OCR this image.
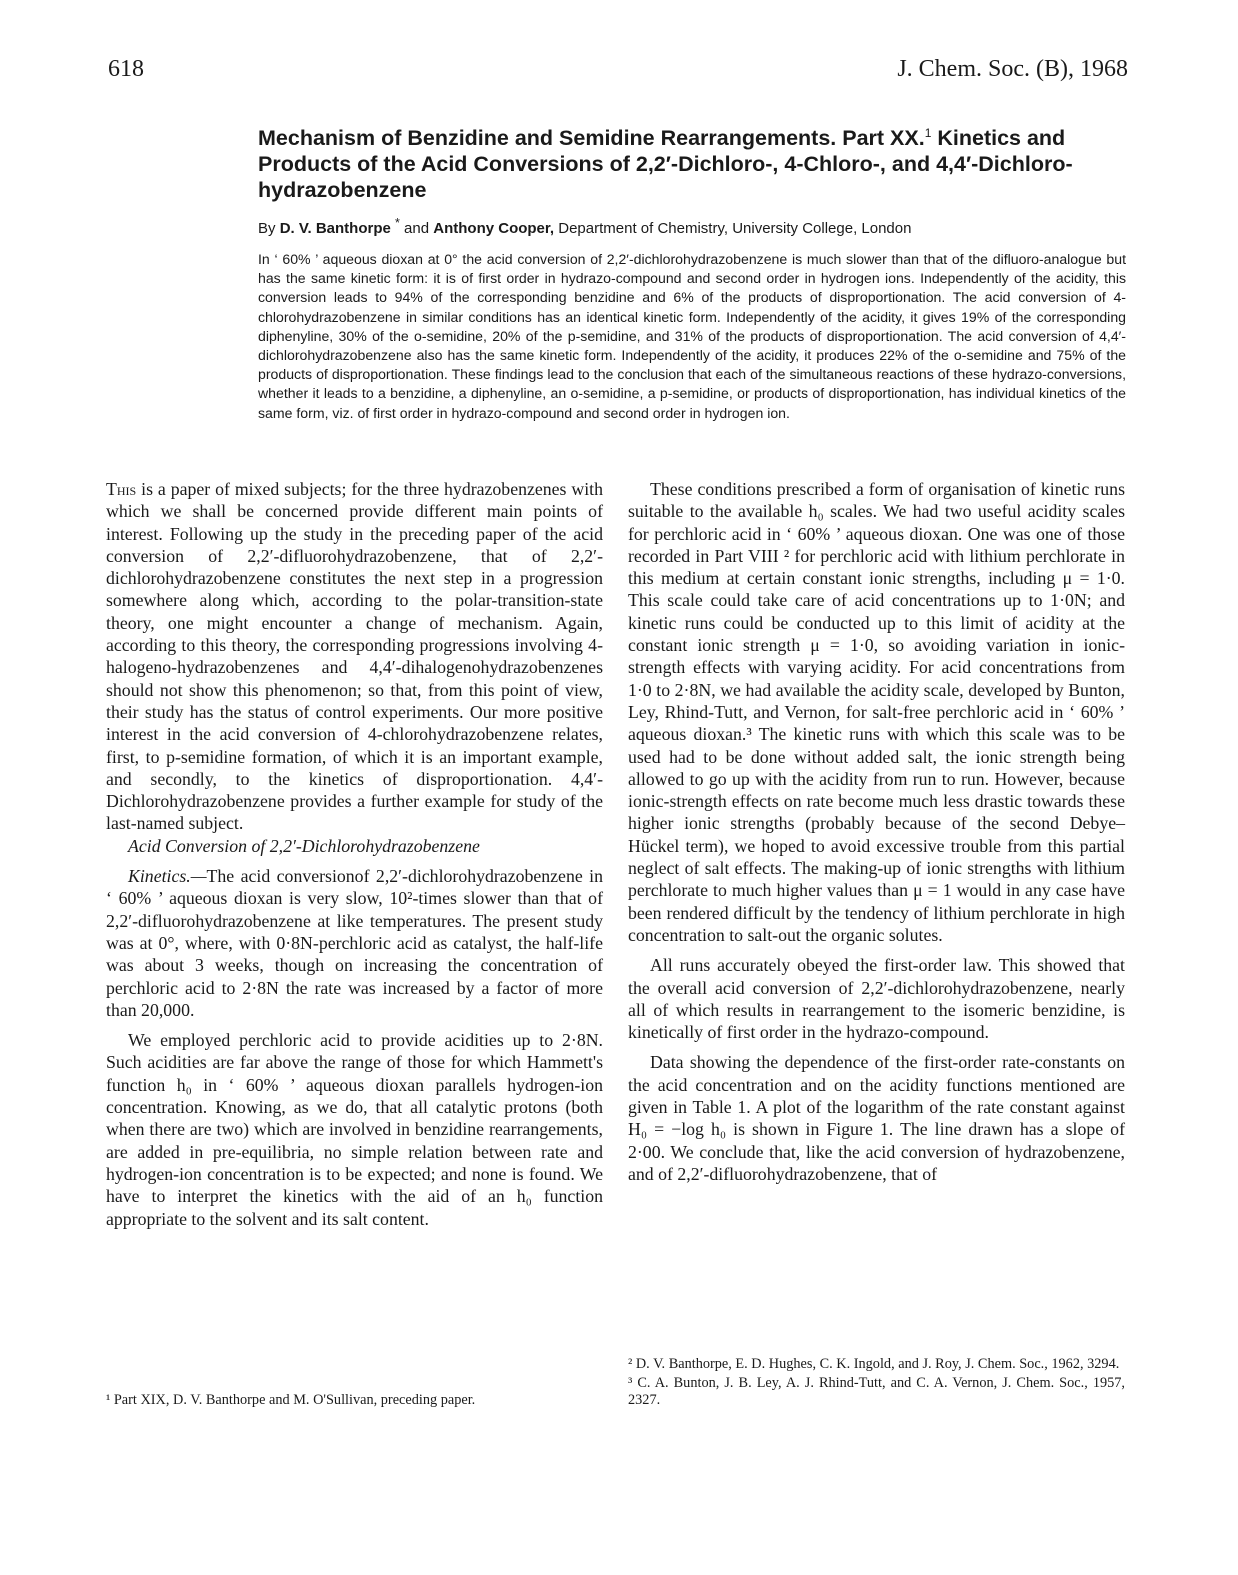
618	J. Chem. Soc. (B), 1968
Mechanism of Benzidine and Semidine Rearrangements. Part XX.$^1$ Kinetics and Products of the Acid Conversions of 2,2′-Dichloro-, 4-Chloro-, and 4,4′-Dichloro-hydrazobenzene
By D. V. Banthorpe * and Anthony Cooper, Department of Chemistry, University College, London

In ‘ 60% ’ aqueous dioxan at 0° the acid conversion of 2,2′-dichlorohydrazobenzene is much slower than that of the difluoro-analogue but has the same kinetic form: it is of first order in hydrazo-compound and second order in hydrogen ions. Independently of the acidity, this conversion leads to 94% of the corresponding benzidine and 6% of the products of disproportionation. The acid conversion of 4-chlorohydrazobenzene in similar conditions has an identical kinetic form. Independently of the acidity, it gives 19% of the corresponding diphenyline, 30% of the o-semidine, 20% of the p-semidine, and 31% of the products of disproportionation. The acid conversion of 4,4′-dichlorohydrazobenzene also has the same kinetic form. Independently of the acidity, it produces 22% of the o-semidine and 75% of the products of disproportionation. These findings lead to the conclusion that each of the simultaneous reactions of these hydrazo-conversions, whether it leads to a benzidine, a diphenyline, an o-semidine, a p-semidine, or products of disproportionation, has individual kinetics of the same form, viz. of first order in hydrazo-compound and second order in hydrogen ion.

This is a paper of mixed subjects; for the three hydrazobenzenes with which we shall be concerned provide different main points of interest. Following up the study in the preceding paper of the acid conversion of 2,2′-difluorohydrazobenzene, that of 2,2′-dichlorohydrazobenzene constitutes the next step in a progression somewhere along which, according to the polar-transition-state theory, one might encounter a change of mechanism. Again, according to this theory, the corresponding progressions involving 4-halogeno-hydrazobenzenes and 4,4′-dihalogenohydrazobenzenes should not show this phenomenon; so that, from this point of view, their study has the status of control experiments. Our more positive interest in the acid conversion of 4-chlorohydrazobenzene relates, first, to p-semidine formation, of which it is an important example, and secondly, to the kinetics of disproportionation. 4,4′-Dichlorohydrazobenzene provides a further example for study of the last-named subject.

Acid Conversion of 2,2′-Dichlorohydrazobenzene

Kinetics.—The acid conversionof 2,2′-dichlorohydrazobenzene in ‘ 60% ’ aqueous dioxan is very slow, 10²-times slower than that of 2,2′-difluorohydrazobenzene at like temperatures. The present study was at 0°, where, with 0·8N-perchloric acid as catalyst, the half-life was about 3 weeks, though on increasing the concentration of perchloric acid to 2·8N the rate was increased by a factor of more than 20,000.

We employed perchloric acid to provide acidities up to 2·8N. Such acidities are far above the range of those for which Hammett's function h₀ in ‘ 60% ’ aqueous dioxan parallels hydrogen-ion concentration. Knowing, as we do, that all catalytic protons (both when there are two) which are involved in benzidine rearrangements, are added in pre-equilibria, no simple relation between rate and hydrogen-ion concentration is to be expected; and none is found. We have to interpret the kinetics with the aid of an h₀ function appropriate to the solvent and its salt content.

These conditions prescribed a form of organisation of kinetic runs suitable to the available h₀ scales. We had two useful acidity scales for perchloric acid in ‘ 60% ’ aqueous dioxan. One was one of those recorded in Part VIII ² for perchloric acid with lithium perchlorate in this medium at certain constant ionic strengths, including μ = 1·0. This scale could take care of acid concentrations up to 1·0N; and kinetic runs could be conducted up to this limit of acidity at the constant ionic strength μ = 1·0, so avoiding variation in ionic-strength effects with varying acidity. For acid concentrations from 1·0 to 2·8N, we had available the acidity scale, developed by Bunton, Ley, Rhind-Tutt, and Vernon, for salt-free perchloric acid in ‘ 60% ’ aqueous dioxan.³ The kinetic runs with which this scale was to be used had to be done without added salt, the ionic strength being allowed to go up with the acidity from run to run. However, because ionic-strength effects on rate become much less drastic towards these higher ionic strengths (probably because of the second Debye–Hückel term), we hoped to avoid excessive trouble from this partial neglect of salt effects. The making-up of ionic strengths with lithium perchlorate to much higher values than μ = 1 would in any case have been rendered difficult by the tendency of lithium perchlorate in high concentration to salt-out the organic solutes.

All runs accurately obeyed the first-order law. This showed that the overall acid conversion of 2,2′-dichlorohydrazobenzene, nearly all of which results in rearrangement to the isomeric benzidine, is kinetically of first order in the hydrazo-compound.

Data showing the dependence of the first-order rate-constants on the acid concentration and on the acidity functions mentioned are given in Table 1. A plot of the logarithm of the rate constant against H₀ = −log h₀ is shown in Figure 1. The line drawn has a slope of 2·00. We conclude that, like the acid conversion of hydrazobenzene, and of 2,2′-difluorohydrazobenzene, that of

¹ Part XIX, D. V. Banthorpe and M. O'Sullivan, preceding paper.

² D. V. Banthorpe, E. D. Hughes, C. K. Ingold, and J. Roy, J. Chem. Soc., 1962, 3294.

³ C. A. Bunton, J. B. Ley, A. J. Rhind-Tutt, and C. A. Vernon, J. Chem. Soc., 1957, 2327.
